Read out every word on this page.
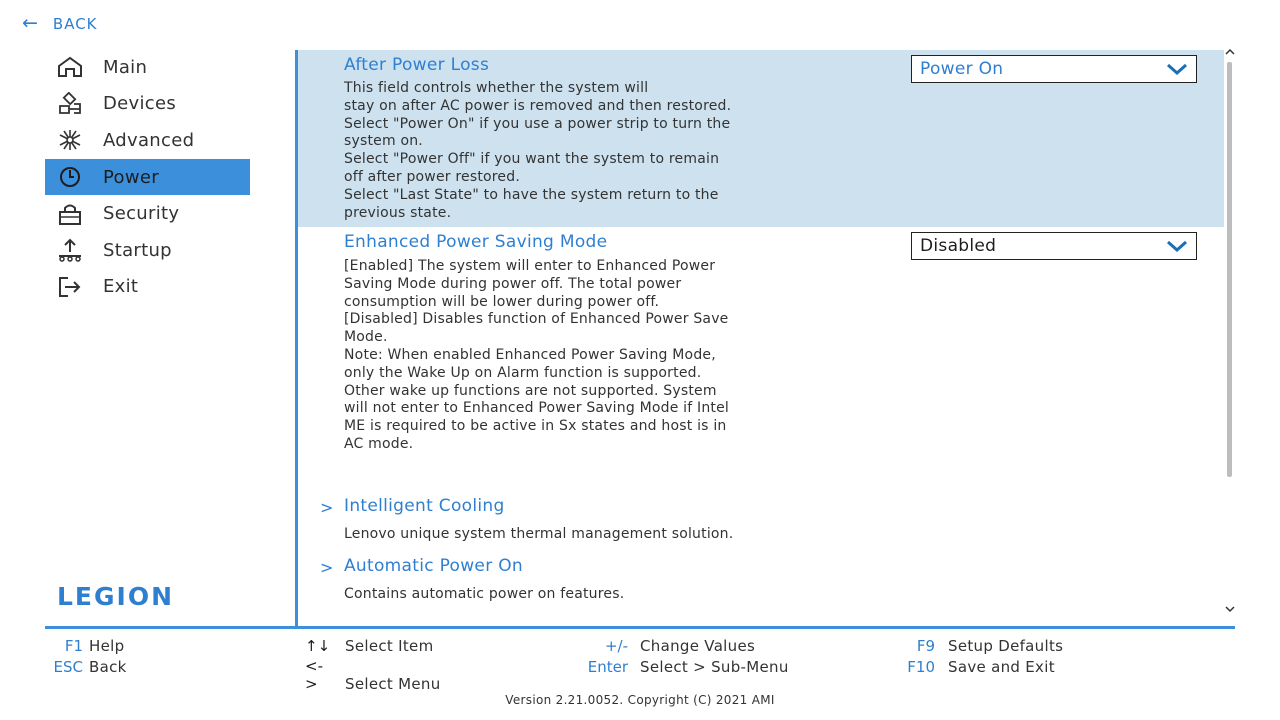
← BACK
Main
Devices
Advanced
Power
Security
Startup
Exit
LEGION
After Power Loss
This field controls whether the system will
stay on after AC power is removed and then restored.
Select "Power On" if you use a power strip to turn the
system on.
Select "Power Off" if you want the system to remain
off after power restored.
Select "Last State" to have the system return to the
previous state.
Power On
Enhanced Power Saving Mode
[Enabled] The system will enter to Enhanced Power
Saving Mode during power off. The total power
consumption will be lower during power off.
[Disabled] Disables function of Enhanced Power Save
Mode.
Note: When enabled Enhanced Power Saving Mode,
only the Wake Up on Alarm function is supported.
Other wake up functions are not supported. System
will not enter to Enhanced Power Saving Mode if Intel
ME is required to be active in Sx states and host is in
AC mode.
Disabled
> Intelligent Cooling
Lenovo unique system thermal management solution.
> Automatic Power On
Contains automatic power on features.
F1 Help
ESC Back
↑↓ Select Item
<-> Select Menu
+/- Change Values
Enter Select > Sub-Menu
F9 Setup Defaults
F10 Save and Exit
Version 2.21.0052. Copyright (C) 2021 AMI
